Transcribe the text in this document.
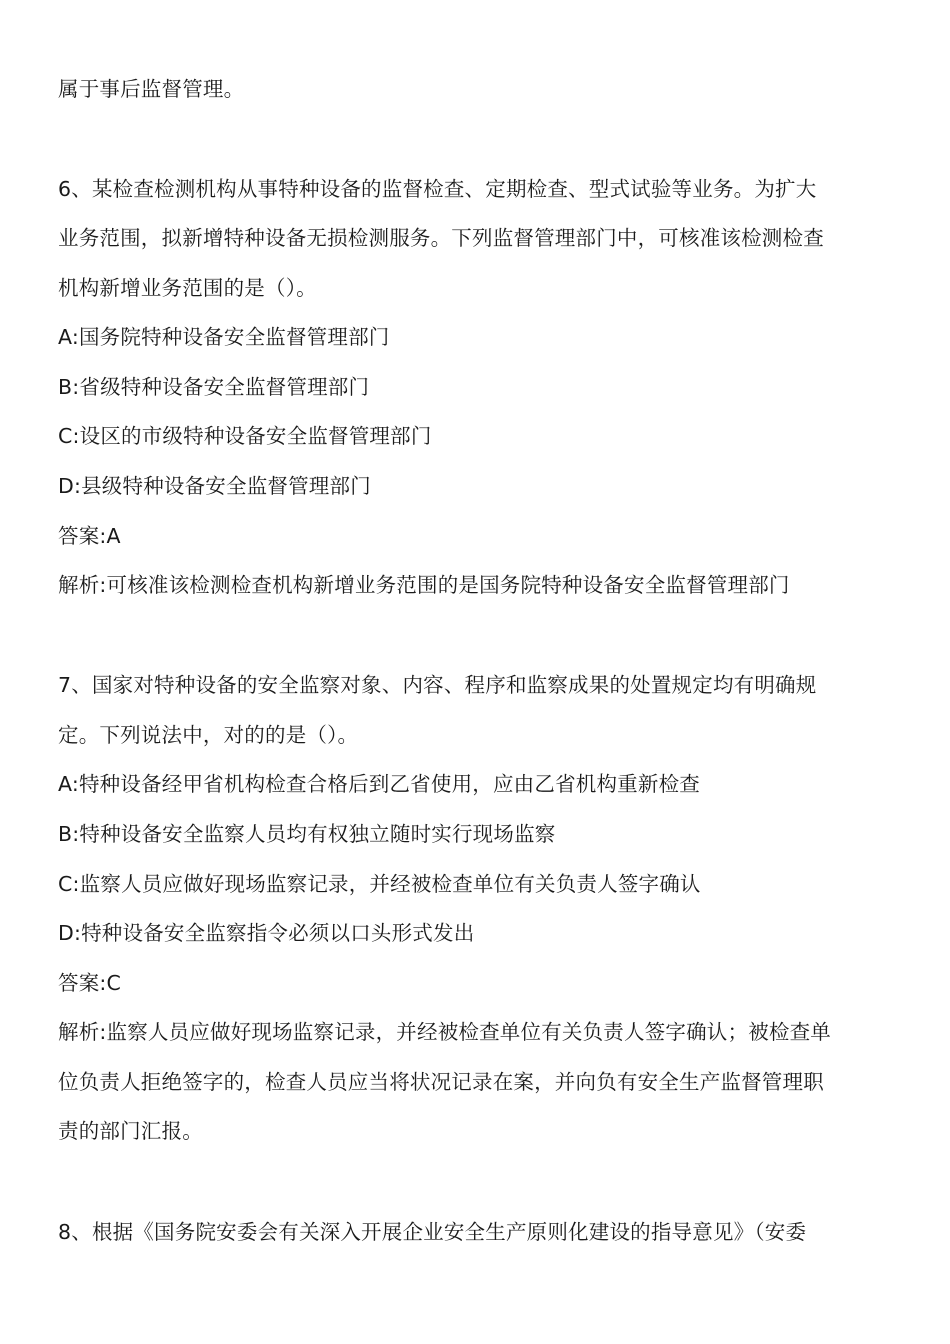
属于事后监督管理。
6、某检查检测机构从事特种设备的监督检查、定期检查、型式试验等业务。为扩大
业务范围，拟新增特种设备无损检测服务。下列监督管理部门中，可核准该检测检查
机构新增业务范围的是（）。
A:国务院特种设备安全监督管理部门
B:省级特种设备安全监督管理部门
C:设区的市级特种设备安全监督管理部门
D:县级特种设备安全监督管理部门
答案:A
解析:可核准该检测检查机构新增业务范围的是国务院特种设备安全监督管理部门
7、国家对特种设备的安全监察对象、内容、程序和监察成果的处置规定均有明确规
定。下列说法中，对的的是（）。
A:特种设备经甲省机构检查合格后到乙省使用，应由乙省机构重新检查
B:特种设备安全监察人员均有权独立随时实行现场监察
C:监察人员应做好现场监察记录，并经被检查单位有关负责人签字确认
D:特种设备安全监察指令必须以口头形式发出
答案:C
解析:监察人员应做好现场监察记录，并经被检查单位有关负责人签字确认；被检查单
位负责人拒绝签字的，检查人员应当将状况记录在案，并向负有安全生产监督管理职
责的部门汇报。
8、根据《国务院安委会有关深入开展企业安全生产原则化建设的指导意见》（安委
